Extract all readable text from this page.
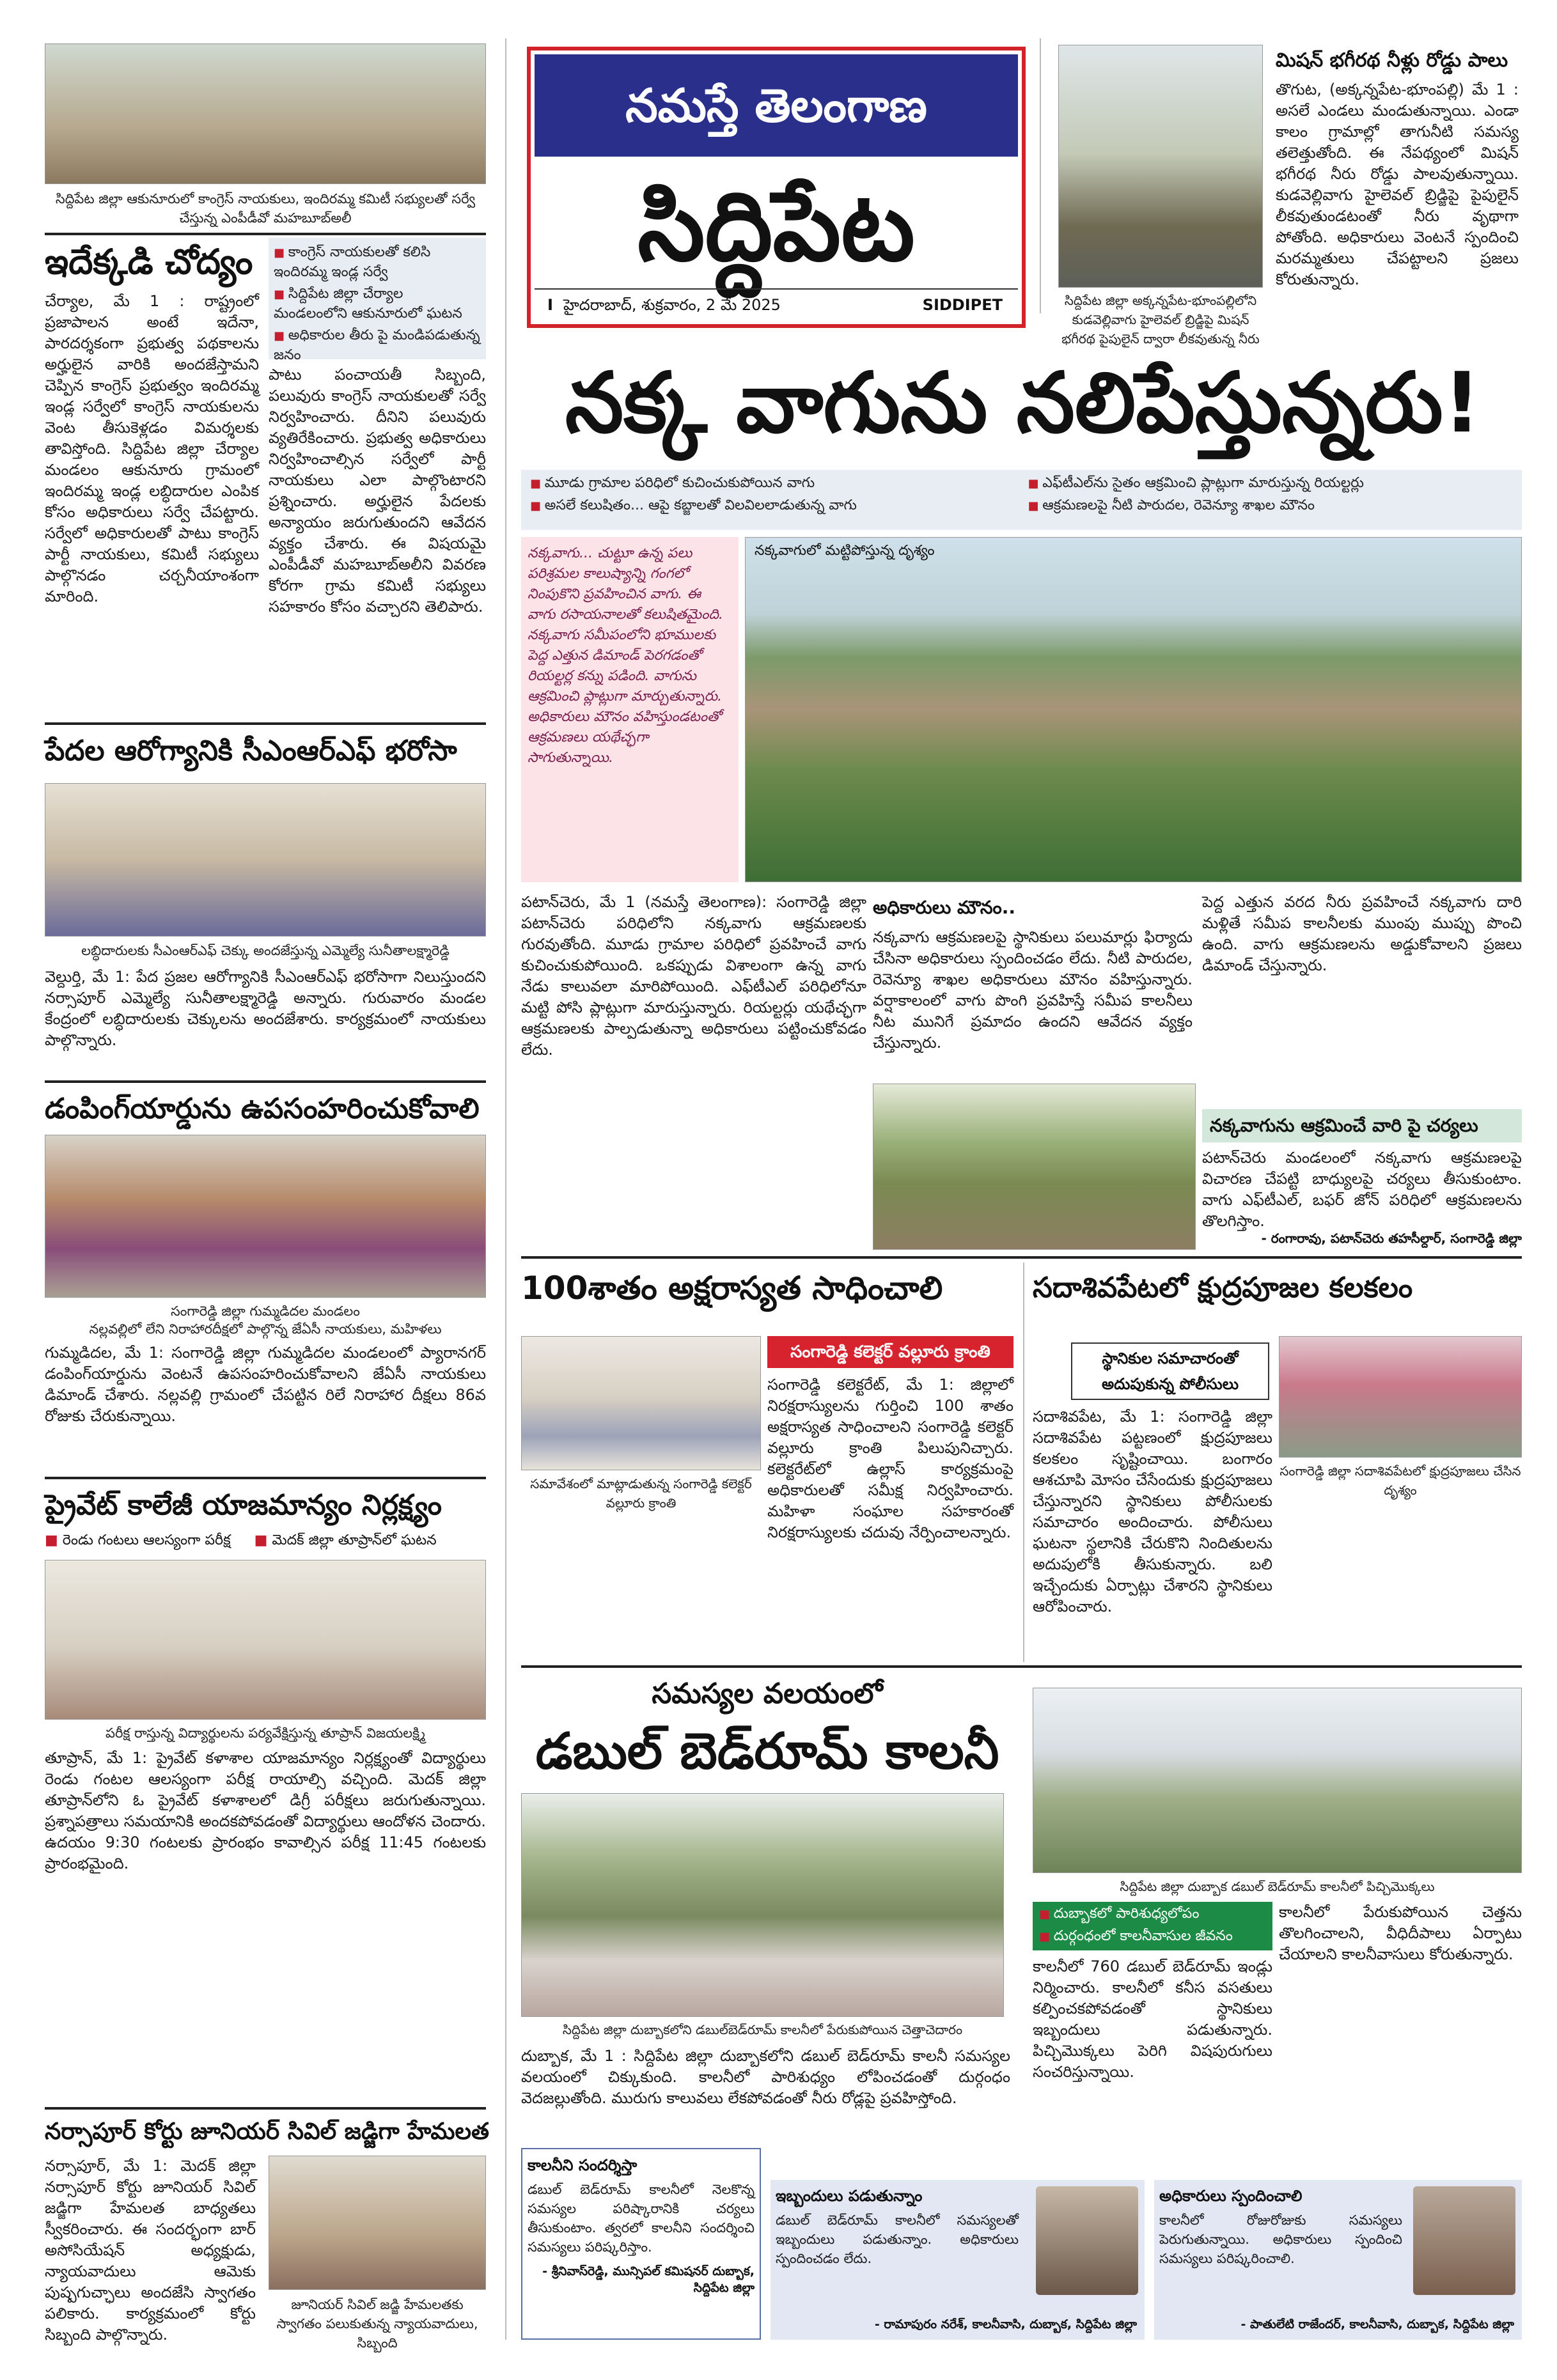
సిద్దిపేట జిల్లా ఆకునూరులో కాంగ్రెస్ నాయకులు, ఇందిరమ్మ కమిటీ సభ్యులతో సర్వే చేస్తున్న ఎంపీడీవో మహబూబ్‌అలీ
ఇదేక్కడి చోద్యం	■ కాంగ్రెస్ నాయకులతో కలిసి ఇందిరమ్మ ఇండ్ల సర్వే
■ సిద్దిపేట జిల్లా చేర్యాల మండలంలోని ఆకునూరులో ఘటన
■ అధికారుల తీరు పై మండిపడుతున్న జనం
చేర్యాల, మే 1 : రాష్ట్రంలో ప్రజాపాలన అంటే ఇదేనా, పారదర్శకంగా ప్రభుత్వ పథకాలను అర్హులైన వారికి అందజేస్తామని చెప్పిన కాంగ్రెస్ ప్రభుత్వం ఇందిరమ్మ ఇండ్ల సర్వేలో కాంగ్రెస్ నాయకులను వెంట తీసుకెళ్లడం విమర్శలకు తావిస్తోంది. సిద్దిపేట జిల్లా చేర్యాల మండలం ఆకునూరు గ్రామంలో ఇందిరమ్మ ఇండ్ల లబ్ధిదారుల ఎంపిక కోసం అధికారులు సర్వే చేపట్టారు. సర్వేలో అధికారులతో పాటు కాంగ్రెస్ పార్టీ నాయకులు, కమిటీ సభ్యులు పాల్గొనడం చర్చనీయాంశంగా మారింది.
పాటు పంచాయతీ సిబ్బంది, పలువురు కాంగ్రెస్ నాయకులతో సర్వే నిర్వహించారు. దీనిని పలువురు వ్యతిరేకించారు. ప్రభుత్వ అధికారులు నిర్వహించాల్సిన సర్వేలో పార్టీ నాయకులు ఎలా పాల్గొంటారని ప్రశ్నించారు. అర్హులైన పేదలకు అన్యాయం జరుగుతుందని ఆవేదన వ్యక్తం చేశారు. ఈ విషయమై ఎంపీడీవో మహబూబ్‌అలీని వివరణ కోరగా గ్రామ కమిటీ సభ్యులు సహకారం కోసం వచ్చారని తెలిపారు.
పేదల ఆరోగ్యానికి సీఎంఆర్ఎఫ్ భరోసా
లబ్ధిదారులకు సీఎంఆర్ఎఫ్ చెక్కు అందజేస్తున్న ఎమ్మెల్యే సునీతాలక్ష్మారెడ్డి
వెల్దుర్తి, మే 1: పేద ప్రజల ఆరోగ్యానికి సీఎంఆర్ఎఫ్ భరోసాగా నిలుస్తుందని నర్సాపూర్ ఎమ్మెల్యే సునీతాలక్ష్మారెడ్డి అన్నారు. గురువారం మండల కేంద్రంలో లబ్ధిదారులకు చెక్కులను అందజేశారు. కార్యక్రమంలో నాయకులు పాల్గొన్నారు.
డంపింగ్‌యార్డును ఉపసంహరించుకోవాలి
సంగారెడ్డి జిల్లా గుమ్మడిదల మండలం
నల్లవల్లిలో లేని నిరాహారదీక్షలో పాల్గొన్న జేఏసీ నాయకులు, మహిళలు
గుమ్మడిదల, మే 1: సంగారెడ్డి జిల్లా గుమ్మడిదల మండలంలో ప్యారానగర్ డంపింగ్‌యార్డును వెంటనే ఉపసంహరించుకోవాలని జేఏసీ నాయకులు డిమాండ్ చేశారు. నల్లవల్లి గ్రామంలో చేపట్టిన రిలే నిరాహార దీక్షలు 86వ రోజుకు చేరుకున్నాయి.
ప్రైవేట్ కాలేజీ యాజమాన్యం నిర్లక్ష్యం
■ రెండు గంటలు ఆలస్యంగా పరీక్ష ■ మెదక్ జిల్లా తూప్రాన్‌లో ఘటన
పరీక్ష రాస్తున్న విద్యార్థులను పర్యవేక్షిస్తున్న తూప్రాన్ విజయలక్ష్మి
తూప్రాన్, మే 1: ప్రైవేట్ కళాశాల యాజమాన్యం నిర్లక్ష్యంతో విద్యార్థులు రెండు గంటల ఆలస్యంగా పరీక్ష రాయాల్సి వచ్చింది. మెదక్ జిల్లా తూప్రాన్‌లోని ఓ ప్రైవేట్ కళాశాలలో డిగ్రీ పరీక్షలు జరుగుతున్నాయి. ప్రశ్నాపత్రాలు సమయానికి అందకపోవడంతో విద్యార్థులు ఆందోళన చెందారు. ఉదయం 9:30 గంటలకు ప్రారంభం కావాల్సిన పరీక్ష 11:45 గంటలకు ప్రారంభమైంది.
నర్సాపూర్ కోర్టు జూనియర్ సివిల్ జడ్జిగా హేమలత
నర్సాపూర్, మే 1: మెదక్ జిల్లా నర్సాపూర్ కోర్టు జూనియర్ సివిల్ జడ్జిగా హేమలత బాధ్యతలు స్వీకరించారు. ఈ సందర్భంగా బార్ అసోసియేషన్ అధ్యక్షుడు, న్యాయవాదులు ఆమెకు పుష్పగుచ్ఛాలు అందజేసి స్వాగతం పలికారు. కార్యక్రమంలో కోర్టు సిబ్బంది పాల్గొన్నారు.
జూనియర్ సివిల్ జడ్జి హేమలతకు స్వాగతం పలుకుతున్న న్యాయవాదులు, సిబ్బంది
నమస్తే తెలంగాణ
సిద్దిపేట
I హైదరాబాద్, శుక్రవారం, 2 మే 2025	SIDDIPET	సిద్దిపేట జిల్లా అక్కన్నపేట-భూంపల్లిలోని కుడవెల్లివాగు హైలెవల్ బ్రిడ్జిపై మిషన్ భగీరథ పైపులైన్ ద్వారా లీకవుతున్న నీరు
మిషన్ భగీరథ నీళ్లు రోడ్డు పాలు
తొగుట, (అక్కన్నపేట-భూంపల్లి) మే 1 : అసలే ఎండలు మండుతున్నాయి. ఎండా కాలం గ్రామాల్లో తాగునీటి సమస్య తలెత్తుతోంది. ఈ నేపథ్యంలో మిషన్ భగీరథ నీరు రోడ్డు పాలవుతున్నాయి. కుడవెల్లివాగు హైలెవల్ బ్రిడ్జిపై పైపులైన్ లీకవుతుండటంతో నీరు వృథాగా పోతోంది. అధికారులు వెంటనే స్పందించి మరమ్మతులు చేపట్టాలని ప్రజలు కోరుతున్నారు.
నక్క వాగును నలిపేస్తున్నరు!
■ మూడు గ్రామాల పరిధిలో కుచించుకుపోయిన వాగు	■ ఎఫ్‌టీఎల్‌ను సైతం ఆక్రమించి ప్లాట్లుగా మారుస్తున్న రియల్టర్లు
■ అసలే కలుషితం... ఆపై కబ్జాలతో విలవిలలాడుతున్న వాగు	■ ఆక్రమణలపై నీటి పారుదల, రెవెన్యూ శాఖల మౌనం
నక్కవాగు... చుట్టూ ఉన్న పలు పరిశ్రమల కాలుష్యాన్ని గంగలో నింపుకొని ప్రవహించిన వాగు. ఈ వాగు రసాయనాలతో కలుషితమైంది. నక్కవాగు సమీపంలోని భూములకు పెద్ద ఎత్తున డిమాండ్ పెరగడంతో రియల్టర్ల కన్ను పడింది. వాగును ఆక్రమించి ప్లాట్లుగా మార్చుతున్నారు. అధికారులు మౌనం వహిస్తుండటంతో ఆక్రమణలు యథేచ్ఛగా సాగుతున్నాయి.
నక్కవాగులో మట్టిపోస్తున్న దృశ్యం
పటాన్‌చెరు, మే 1 (నమస్తే తెలంగాణ): సంగారెడ్డి జిల్లా పటాన్‌చెరు పరిధిలోని నక్కవాగు ఆక్రమణలకు గురవుతోంది. మూడు గ్రామాల పరిధిలో ప్రవహించే వాగు కుచించుకుపోయింది. ఒకప్పుడు విశాలంగా ఉన్న వాగు నేడు కాలువలా మారిపోయింది. ఎఫ్‌టీఎల్ పరిధిలోనూ మట్టి పోసి ప్లాట్లుగా మారుస్తున్నారు. రియల్టర్లు యథేచ్ఛగా ఆక్రమణలకు పాల్పడుతున్నా అధికారులు పట్టించుకోవడం లేదు.
అధికారులు మౌనం..
నక్కవాగు ఆక్రమణలపై స్థానికులు పలుమార్లు ఫిర్యాదు చేసినా అధికారులు స్పందించడం లేదు. నీటి పారుదల, రెవెన్యూ శాఖల అధికారులు మౌనం వహిస్తున్నారు. వర్షాకాలంలో వాగు పొంగి ప్రవహిస్తే సమీప కాలనీలు నీట మునిగే ప్రమాదం ఉందని ఆవేదన వ్యక్తం చేస్తున్నారు.
పెద్ద ఎత్తున వరద నీరు ప్రవహించే నక్కవాగు దారి మళ్లితే సమీప కాలనీలకు ముంపు ముప్పు పొంచి ఉంది. వాగు ఆక్రమణలను అడ్డుకోవాలని ప్రజలు డిమాండ్ చేస్తున్నారు.
నక్కవాగును ఆక్రమించే వారి పై చర్యలు
పటాన్‌చెరు మండలంలో నక్కవాగు ఆక్రమణలపై విచారణ చేపట్టి బాధ్యులపై చర్యలు తీసుకుంటాం. వాగు ఎఫ్‌టీఎల్, బఫర్ జోన్ పరిధిలో ఆక్రమణలను తొలగిస్తాం.
- రంగారావు, పటాన్‌చెరు తహసీల్దార్, సంగారెడ్డి జిల్లా
100శాతం అక్షరాస్యత సాధించాలి
సంగారెడ్డి కలెక్టర్ వల్లూరు క్రాంతి
సమావేశంలో మాట్లాడుతున్న సంగారెడ్డి కలెక్టర్ వల్లూరు క్రాంతి
సంగారెడ్డి కలెక్టరేట్, మే 1: జిల్లాలో నిరక్షరాస్యులను గుర్తించి 100 శాతం అక్షరాస్యత సాధించాలని సంగారెడ్డి కలెక్టర్ వల్లూరు క్రాంతి పిలుపునిచ్చారు. కలెక్టరేట్‌లో ఉల్లాస్ కార్యక్రమంపై అధికారులతో సమీక్ష నిర్వహించారు. మహిళా సంఘాల సహకారంతో నిరక్షరాస్యులకు చదువు నేర్పించాలన్నారు.
సదాశివపేటలో క్షుద్రపూజల కలకలం
స్థానికుల సమాచారంతో అదుపుకున్న పోలీసులు
సంగారెడ్డి జిల్లా సదాశివపేటలో క్షుద్రపూజలు చేసిన దృశ్యం
సదాశివపేట, మే 1: సంగారెడ్డి జిల్లా సదాశివపేట పట్టణంలో క్షుద్రపూజలు కలకలం సృష్టించాయి. బంగారం ఆశచూపి మోసం చేసేందుకు క్షుద్రపూజలు చేస్తున్నారని స్థానికులు పోలీసులకు సమాచారం అందించారు. పోలీసులు ఘటనా స్థలానికి చేరుకొని నిందితులను అదుపులోకి తీసుకున్నారు. బలి ఇచ్చేందుకు ఏర్పాట్లు చేశారని స్థానికులు ఆరోపించారు.
సమస్యల వలయంలో
డబుల్ బెడ్‌రూమ్ కాలనీ
సిద్దిపేట జిల్లా దుబ్బాకలోని డబుల్‌బెడ్‌రూమ్ కాలనీలో పేరుకుపోయిన చెత్తాచెదారం
సిద్దిపేట జిల్లా దుబ్బాక డబుల్ బెడ్‌రూమ్ కాలనీలో పిచ్చిమొక్కలు
■ దుబ్బాకలో పారిశుధ్యలోపం
■ దుర్గంధంలో కాలనీవాసుల జీవనం
కాలనీలో 760 డబుల్ బెడ్‌రూమ్ ఇండ్లు నిర్మించారు. కాలనీలో కనీస వసతులు కల్పించకపోవడంతో స్థానికులు ఇబ్బందులు పడుతున్నారు. పిచ్చిమొక్కలు పెరిగి విషపురుగులు సంచరిస్తున్నాయి.
కాలనీలో పేరుకుపోయిన చెత్తను తొలగించాలని, వీధిదీపాలు ఏర్పాటు చేయాలని కాలనీవాసులు కోరుతున్నారు.
దుబ్బాక, మే 1 : సిద్దిపేట జిల్లా దుబ్బాకలోని డబుల్ బెడ్‌రూమ్ కాలనీ సమస్యల వలయంలో చిక్కుకుంది. కాలనీలో పారిశుధ్యం లోపించడంతో దుర్గంధం వెదజల్లుతోంది. మురుగు కాలువలు లేకపోవడంతో నీరు రోడ్లపై ప్రవహిస్తోంది.
కాలనీని సందర్శిస్తా
డబుల్ బెడ్‌రూమ్ కాలనీలో నెలకొన్న సమస్యల పరిష్కారానికి చర్యలు తీసుకుంటాం. త్వరలో కాలనీని సందర్శించి సమస్యలు పరిష్కరిస్తాం.
- శ్రీనివాస్‌రెడ్డి, మున్సిపల్ కమిషనర్ దుబ్బాక, సిద్దిపేట జిల్లా
ఇబ్బందులు పడుతున్నాం
డబుల్ బెడ్‌రూమ్ కాలనీలో సమస్యలతో ఇబ్బందులు పడుతున్నాం. అధికారులు స్పందించడం లేదు.
- రామాపురం నరేశ్, కాలనీవాసి, దుబ్బాక, సిద్దిపేట జిల్లా
అధికారులు స్పందించాలి
కాలనీలో రోజురోజుకు సమస్యలు పెరుగుతున్నాయి. అధికారులు స్పందించి సమస్యలు పరిష్కరించాలి.
- పాతులేటి రాజేందర్, కాలనీవాసి, దుబ్బాక, సిద్దిపేట జిల్లా
